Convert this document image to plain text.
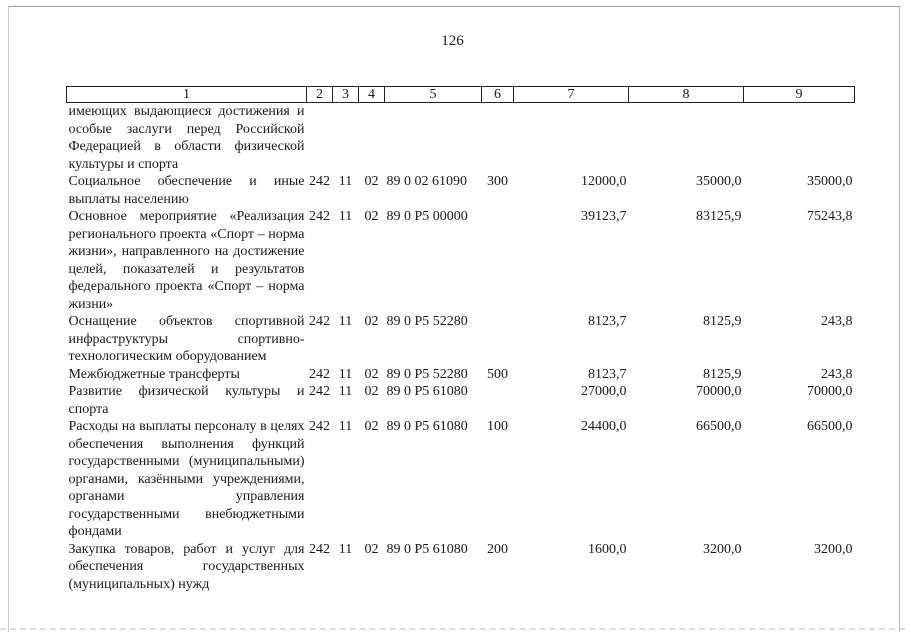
126
1	2	3	4	5	6	7	8	9
имеющих выдающиеся достижения и особые заслуги перед Российской Федерацией в области физической культуры и спорта								
Социальное обеспечение и иные выплаты населению	242	11	02	89 0 02 61090	300	12000,0	35000,0	35000,0
Основное мероприятие «Реализация регионального проекта «Спорт – норма жизни», направленного на достижение целей, показателей и результатов федерального проекта «Спорт – норма жизни»	242	11	02	89 0 P5 00000		39123,7	83125,9	75243,8
Оснащение объектов спортивной инфраструктуры спортивно-технологическим оборудованием	242	11	02	89 0 P5 52280		8123,7	8125,9	243,8
Межбюджетные трансферты	242	11	02	89 0 P5 52280	500	8123,7	8125,9	243,8
Развитие физической культуры и спорта	242	11	02	89 0 P5 61080		27000,0	70000,0	70000,0
Расходы на выплаты персоналу в целях обеспечения выполнения функций государственными (муниципальными) органами, казёнными учреждениями, органами управления государственными внебюджетными фондами	242	11	02	89 0 P5 61080	100	24400,0	66500,0	66500,0
Закупка товаров, работ и услуг для обеспечения государственных (муниципальных) нужд	242	11	02	89 0 P5 61080	200	1600,0	3200,0	3200,0
